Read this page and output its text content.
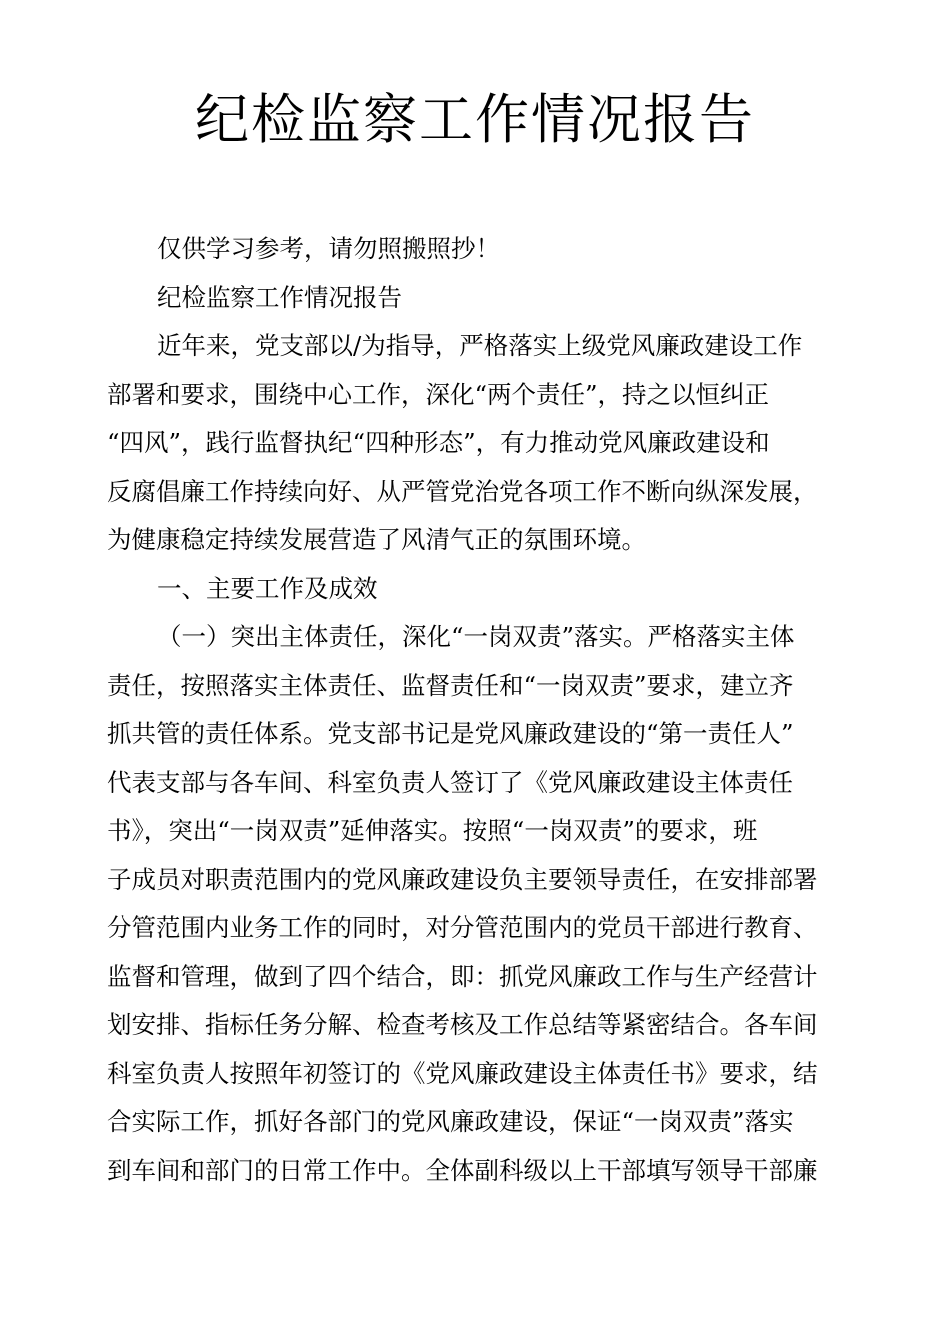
纪检监察工作情况报告
仅供学习参考，请勿照搬照抄！
纪检监察工作情况报告
近年来，党支部以/为指导，严格落实上级党风廉政建设工作
部署和要求，围绕中心工作，深化“两个责任”，持之以恒纠正
“四风”，践行监督执纪“四种形态”，有力推动党风廉政建设和
反腐倡廉工作持续向好、从严管党治党各项工作不断向纵深发展，
为健康稳定持续发展营造了风清气正的氛围环境。
一、主要工作及成效
（一）突出主体责任，深化“一岗双责”落实。严格落实主体
责任，按照落实主体责任、监督责任和“一岗双责”要求，建立齐
抓共管的责任体系。党支部书记是党风廉政建设的“第一责任人”
代表支部与各车间、科室负责人签订了《党风廉政建设主体责任
书》，突出“一岗双责”延伸落实。按照“一岗双责”的要求，班
子成员对职责范围内的党风廉政建设负主要领导责任，在安排部署
分管范围内业务工作的同时，对分管范围内的党员干部进行教育、
监督和管理，做到了四个结合，即：抓党风廉政工作与生产经营计
划安排、指标任务分解、检查考核及工作总结等紧密结合。各车间
科室负责人按照年初签订的《党风廉政建设主体责任书》要求，结
合实际工作，抓好各部门的党风廉政建设，保证“一岗双责”落实
到车间和部门的日常工作中。全体副科级以上干部填写领导干部廉
